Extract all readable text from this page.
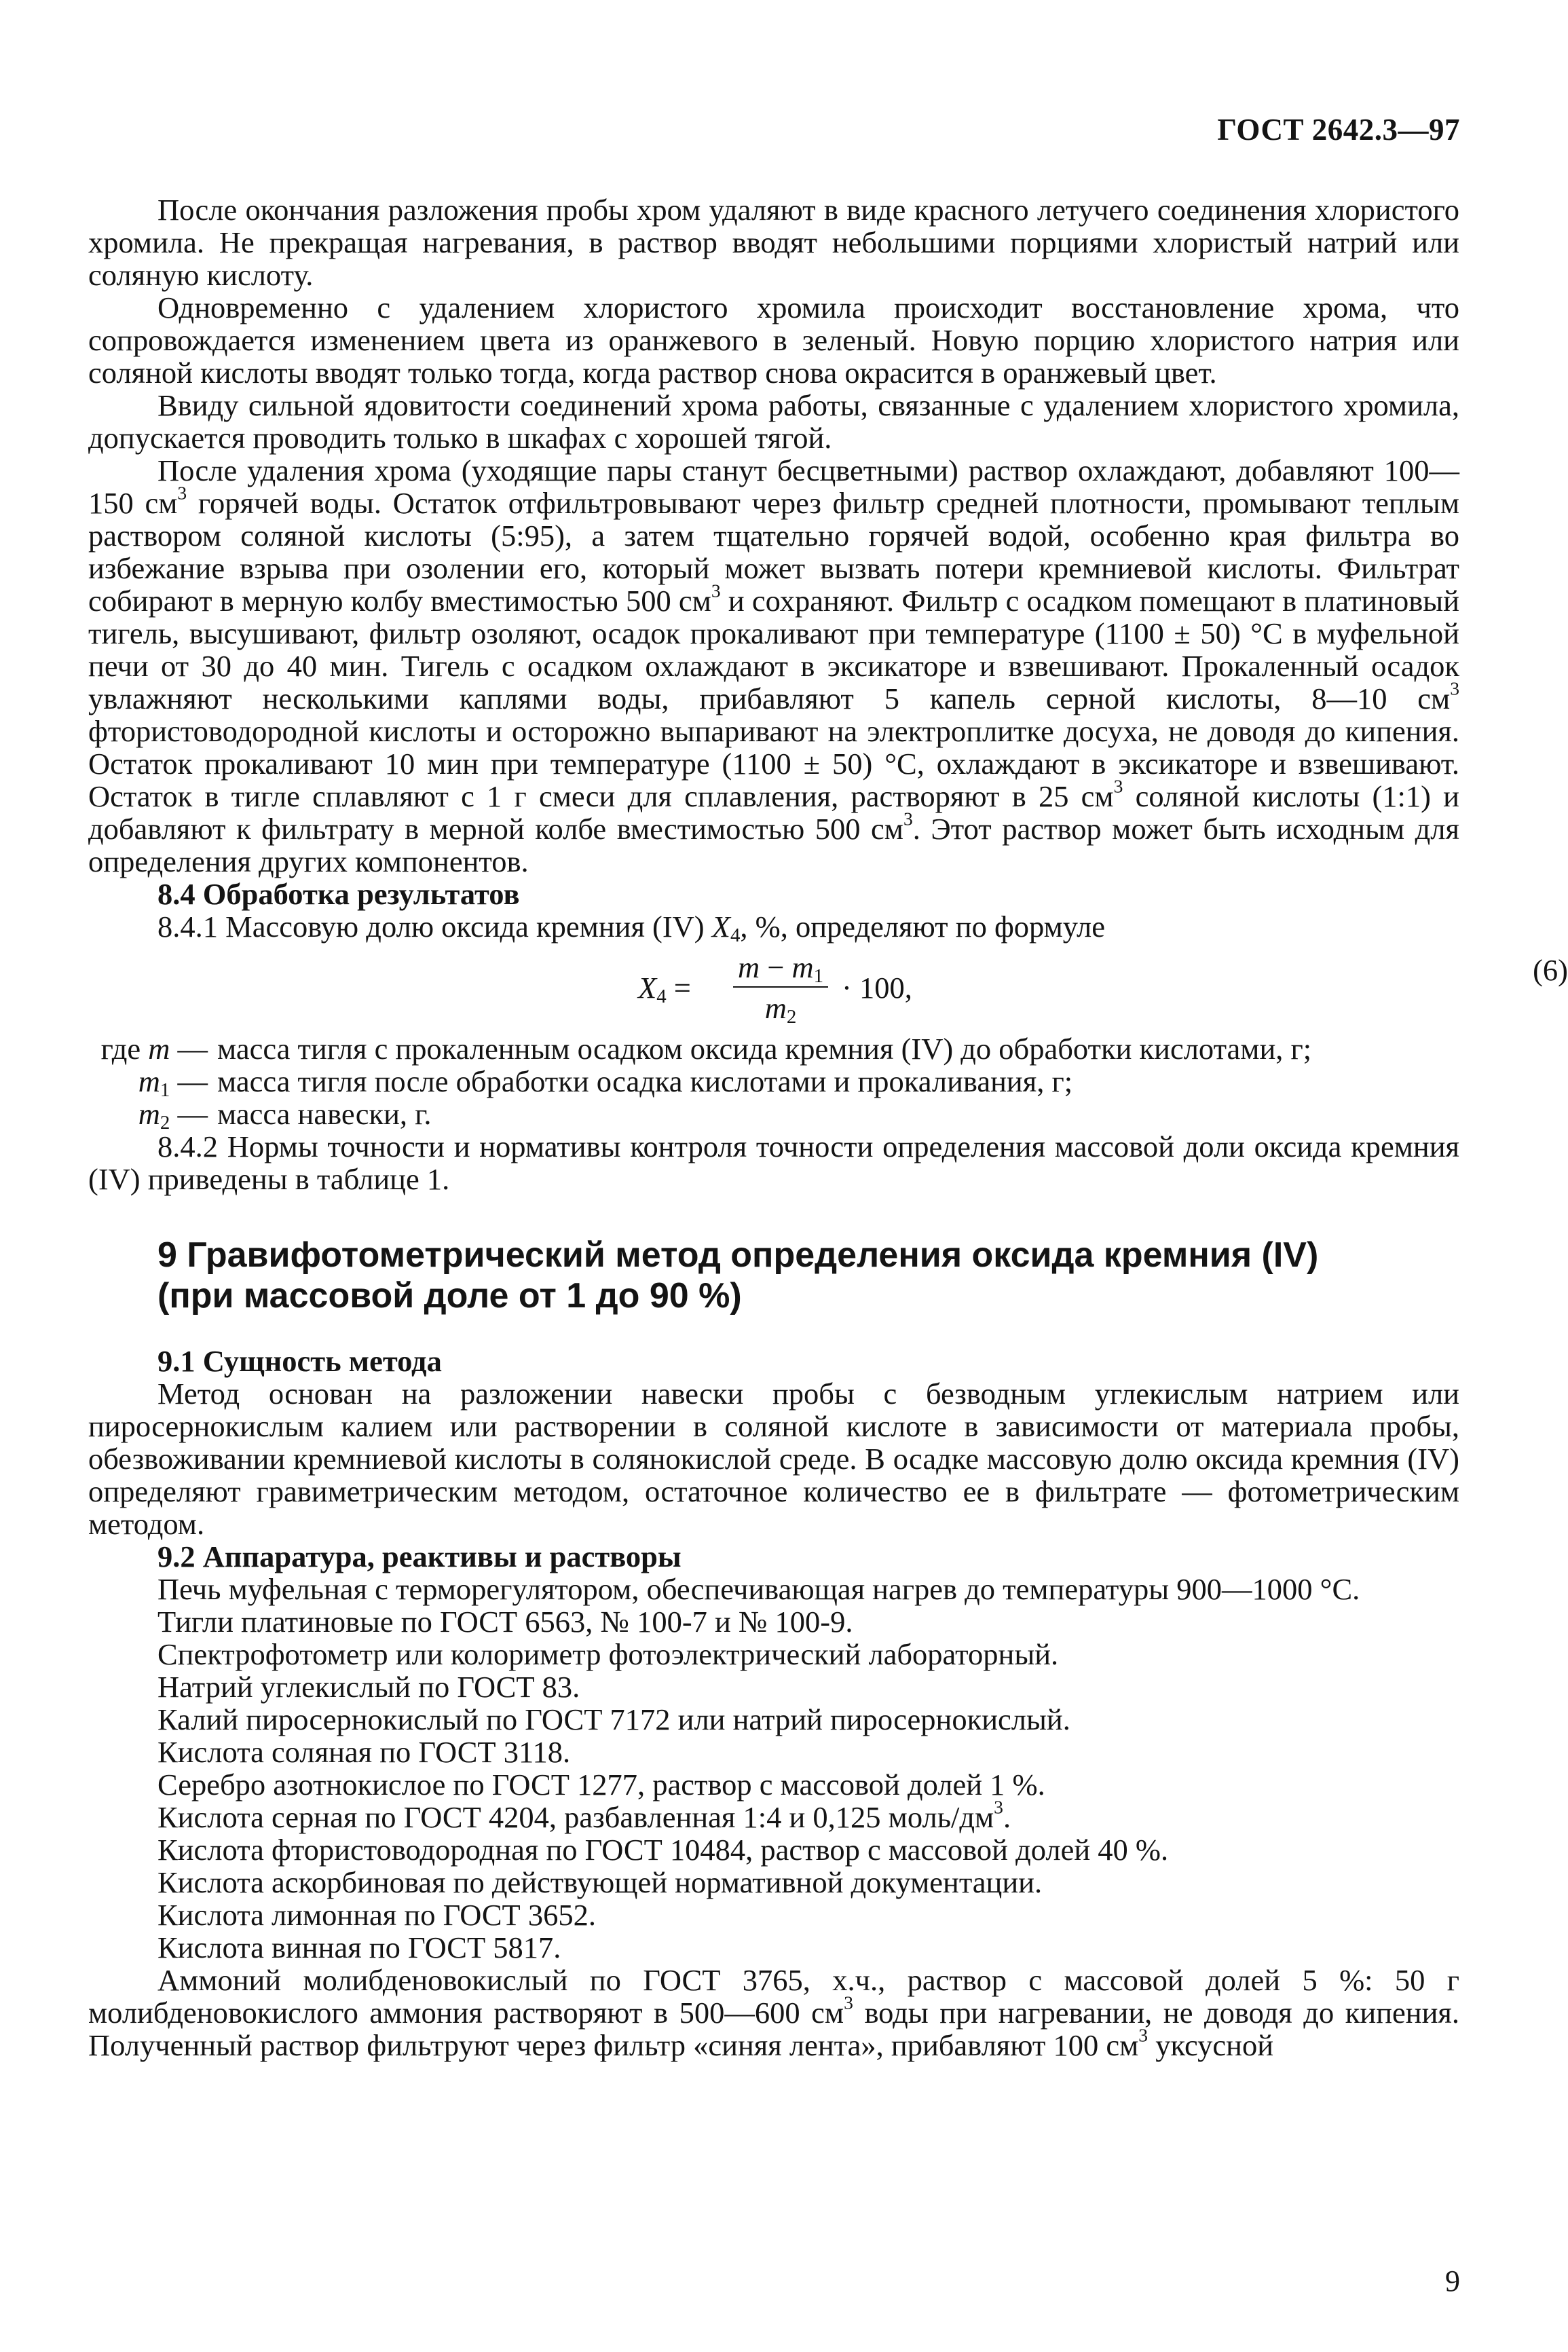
ГОСТ 2642.3—97

После окончания разложения пробы хром удаляют в виде красного летучего соединения хлористого хромила. Не прекращая нагревания, в раствор вводят небольшими порциями хлористый натрий или соляную кислоту.

Одновременно с удалением хлористого хромила происходит восстановление хрома, что сопровождается изменением цвета из оранжевого в зеленый. Новую порцию хлористого натрия или соляной кислоты вводят только тогда, когда раствор снова окрасится в оранжевый цвет.

Ввиду сильной ядовитости соединений хрома работы, связанные с удалением хлористого хромила, допускается проводить только в шкафах с хорошей тягой.

После удаления хрома (уходящие пары станут бесцветными) раствор охлаждают, добавляют 100—150 $см^3$ горячей воды. Остаток отфильтровывают через фильтр средней плотности, промывают теплым раствором соляной кислоты (5:95), а затем тщательно горячей водой, особенно края фильтра во избежание взрыва при озолении его, который может вызвать потери кремниевой кислоты. Фильтрат собирают в мерную колбу вместимостью 500 $см^3$ и сохраняют. Фильтр с осадком помещают в платиновый тигель, высушивают, фильтр озоляют, осадок прокаливают при температуре (1100 ± 50) °С в муфельной печи от 30 до 40 мин. Тигель с осадком охлаждают в эксикаторе и взвешивают. Прокаленный осадок увлажняют несколькими каплями воды, прибавляют 5 капель серной кислоты, 8—10 $см^3$ фтористоводородной кислоты и осторожно выпаривают на электроплитке досуха, не доводя до кипения. Остаток прокаливают 10 мин при температуре (1100 ± 50) °С, охлаждают в эксикаторе и взвешивают. Остаток в тигле сплавляют с 1 г смеси для сплавления, растворяют в 25 $см^3$ соляной кислоты (1:1) и добавляют к фильтрату в мерной колбе вместимостью 500 $см^3$. Этот раствор может быть исходным для определения других компонентов.

8.4 Обработка результатов

8.4.1 Массовую долю оксида кремния (IV) $X_4$, %, определяют по формуле

$X_4$ =
$m - m_1$
$m_2$
· 100,
(6)
где m — масса тигля с прокаленным осадком оксида кремния (IV) до обработки кислотами, г;
$m_1$ — масса тигля после обработки осадка кислотами и прокаливания, г;
$m_2$ — масса навески, г.

8.4.2 Нормы точности и нормативы контроля точности определения массовой доли оксида кремния (IV) приведены в таблице 1.

9 Гравифотометрический метод определения оксида кремния (IV)
(при массовой доле от 1 до 90 %)

9.1 Сущность метода

Метод основан на разложении навески пробы с безводным углекислым натрием или пиросернокислым калием или растворении в соляной кислоте в зависимости от материала пробы, обезвоживании кремниевой кислоты в солянокислой среде. В осадке массовую долю оксида кремния (IV) определяют гравиметрическим методом, остаточное количество ее в фильтрате — фотометрическим методом.

9.2 Аппаратура, реактивы и растворы

Печь муфельная с терморегулятором, обеспечивающая нагрев до температуры 900—1000 °С.

Тигли платиновые по ГОСТ 6563, № 100-7 и № 100-9.

Спектрофотометр или колориметр фотоэлектрический лабораторный.

Натрий углекислый по ГОСТ 83.

Калий пиросернокислый по ГОСТ 7172 или натрий пиросернокислый.

Кислота соляная по ГОСТ 3118.

Серебро азотнокислое по ГОСТ 1277, раствор с массовой долей 1 %.

Кислота серная по ГОСТ 4204, разбавленная 1:4 и 0,125 моль/$дм^3$.

Кислота фтористоводородная по ГОСТ 10484, раствор с массовой долей 40 %.

Кислота аскорбиновая по действующей нормативной документации.

Кислота лимонная по ГОСТ 3652.

Кислота винная по ГОСТ 5817.

Аммоний молибденовокислый по ГОСТ 3765, х.ч., раствор с массовой долей 5 %: 50 г молибденовокислого аммония растворяют в 500—600 $см^3$ воды при нагревании, не доводя до кипения. Полученный раствор фильтруют через фильтр «синяя лента», прибавляют 100 $см^3$ уксусной

9
